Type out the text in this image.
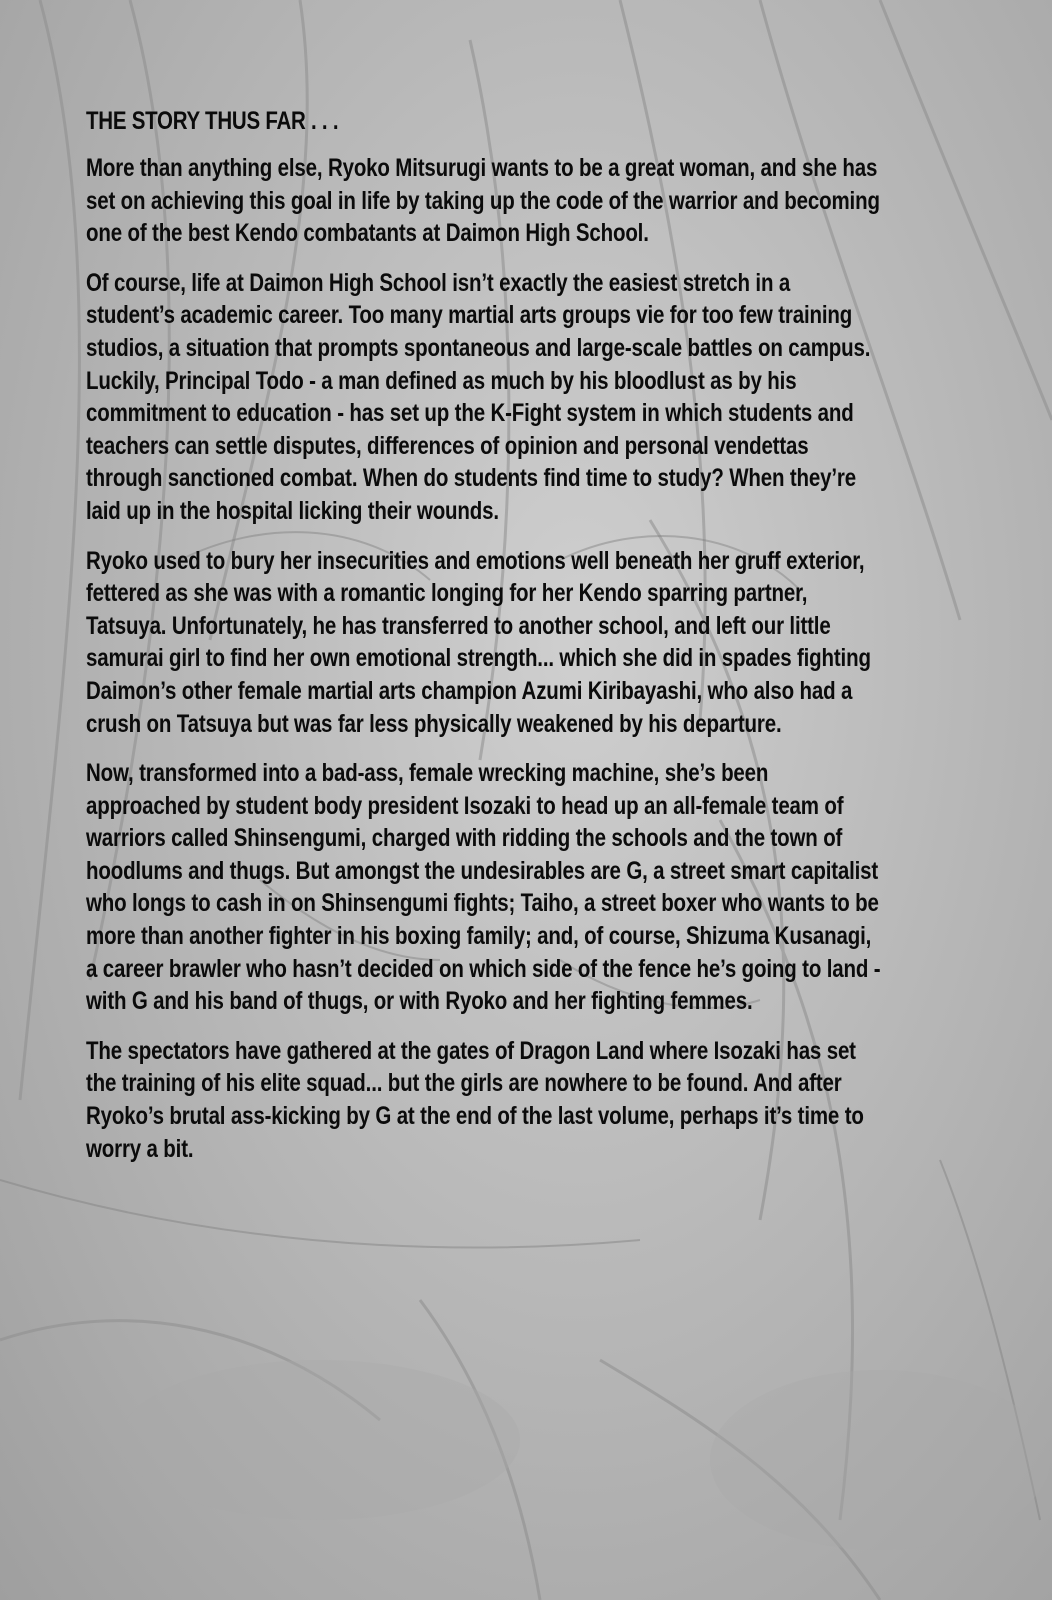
THE STORY THUS FAR . . .

More than anything else, Ryoko Mitsurugi wants to be a great woman, and she has set on achieving this goal in life by taking up the code of the warrior and becoming one of the best Kendo combatants at Daimon High School.

Of course, life at Daimon High School isn’t exactly the easiest stretch in a student’s academic career. Too many martial arts groups vie for too few training studios, a situation that prompts spontaneous and large-scale battles on campus. Luckily, Principal Todo - a man defined as much by his bloodlust as by his commitment to education - has set up the K-Fight system in which students and teachers can settle disputes, differences of opinion and personal vendettas through sanctioned combat. When do students find time to study? When they’re laid up in the hospital licking their wounds.

Ryoko used to bury her insecurities and emotions well beneath her gruff exterior, fettered as she was with a romantic longing for her Kendo sparring partner, Tatsuya. Unfortunately, he has transferred to another school, and left our little samurai girl to find her own emotional strength... which she did in spades fighting Daimon’s other female martial arts champion Azumi Kiribayashi, who also had a crush on Tatsuya but was far less physically weakened by his departure.

Now, transformed into a bad-ass, female wrecking machine, she’s been approached by student body president Isozaki to head up an all-female team of warriors called Shinsengumi, charged with ridding the schools and the town of hoodlums and thugs. But amongst the undesirables are G, a street smart capitalist who longs to cash in on Shinsengumi fights; Taiho, a street boxer who wants to be more than another fighter in his boxing family; and, of course, Shizuma Kusanagi, a career brawler who hasn’t decided on which side of the fence he’s going to land - with G and his band of thugs, or with Ryoko and her fighting femmes.

The spectators have gathered at the gates of Dragon Land where Isozaki has set the training of his elite squad... but the girls are nowhere to be found. And after Ryoko’s brutal ass-kicking by G at the end of the last volume, perhaps it’s time to worry a bit.
